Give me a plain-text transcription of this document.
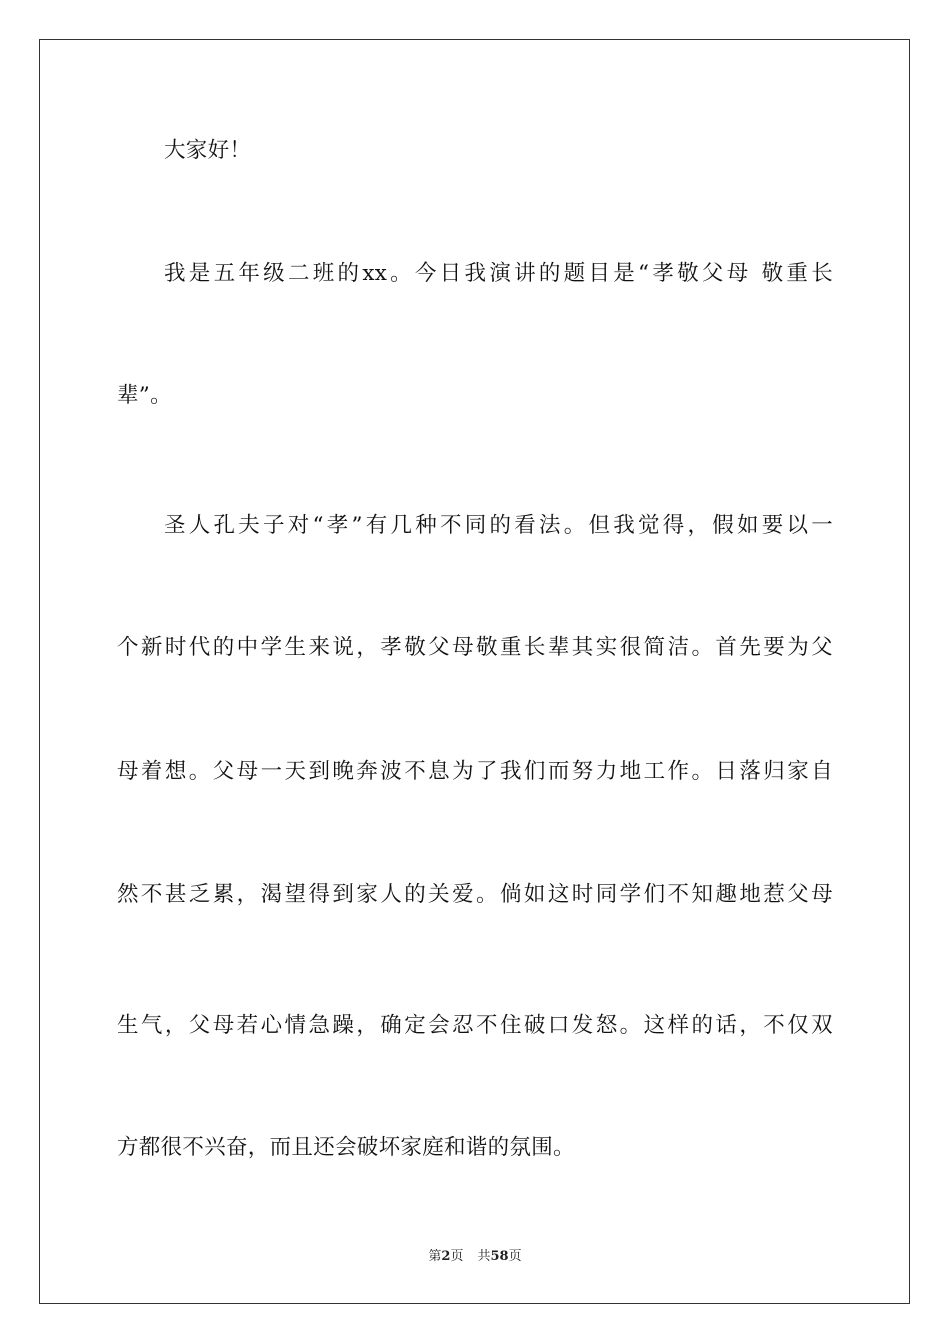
大家好！
我是五年级二班的xx。今日我演讲的题目是“孝敬父母 敬重长
辈”。
圣人孔夫子对“孝”有几种不同的看法。但我觉得，假如要以一
个新时代的中学生来说，孝敬父母敬重长辈其实很简洁。首先要为父
母着想。父母一天到晚奔波不息为了我们而努力地工作。日落归家自
然不甚乏累，渴望得到家人的关爱。倘如这时同学们不知趣地惹父母
生气，父母若心情急躁，确定会忍不住破口发怒。这样的话，不仅双
方都很不兴奋，而且还会破坏家庭和谐的氛围。
第2页 共58页
